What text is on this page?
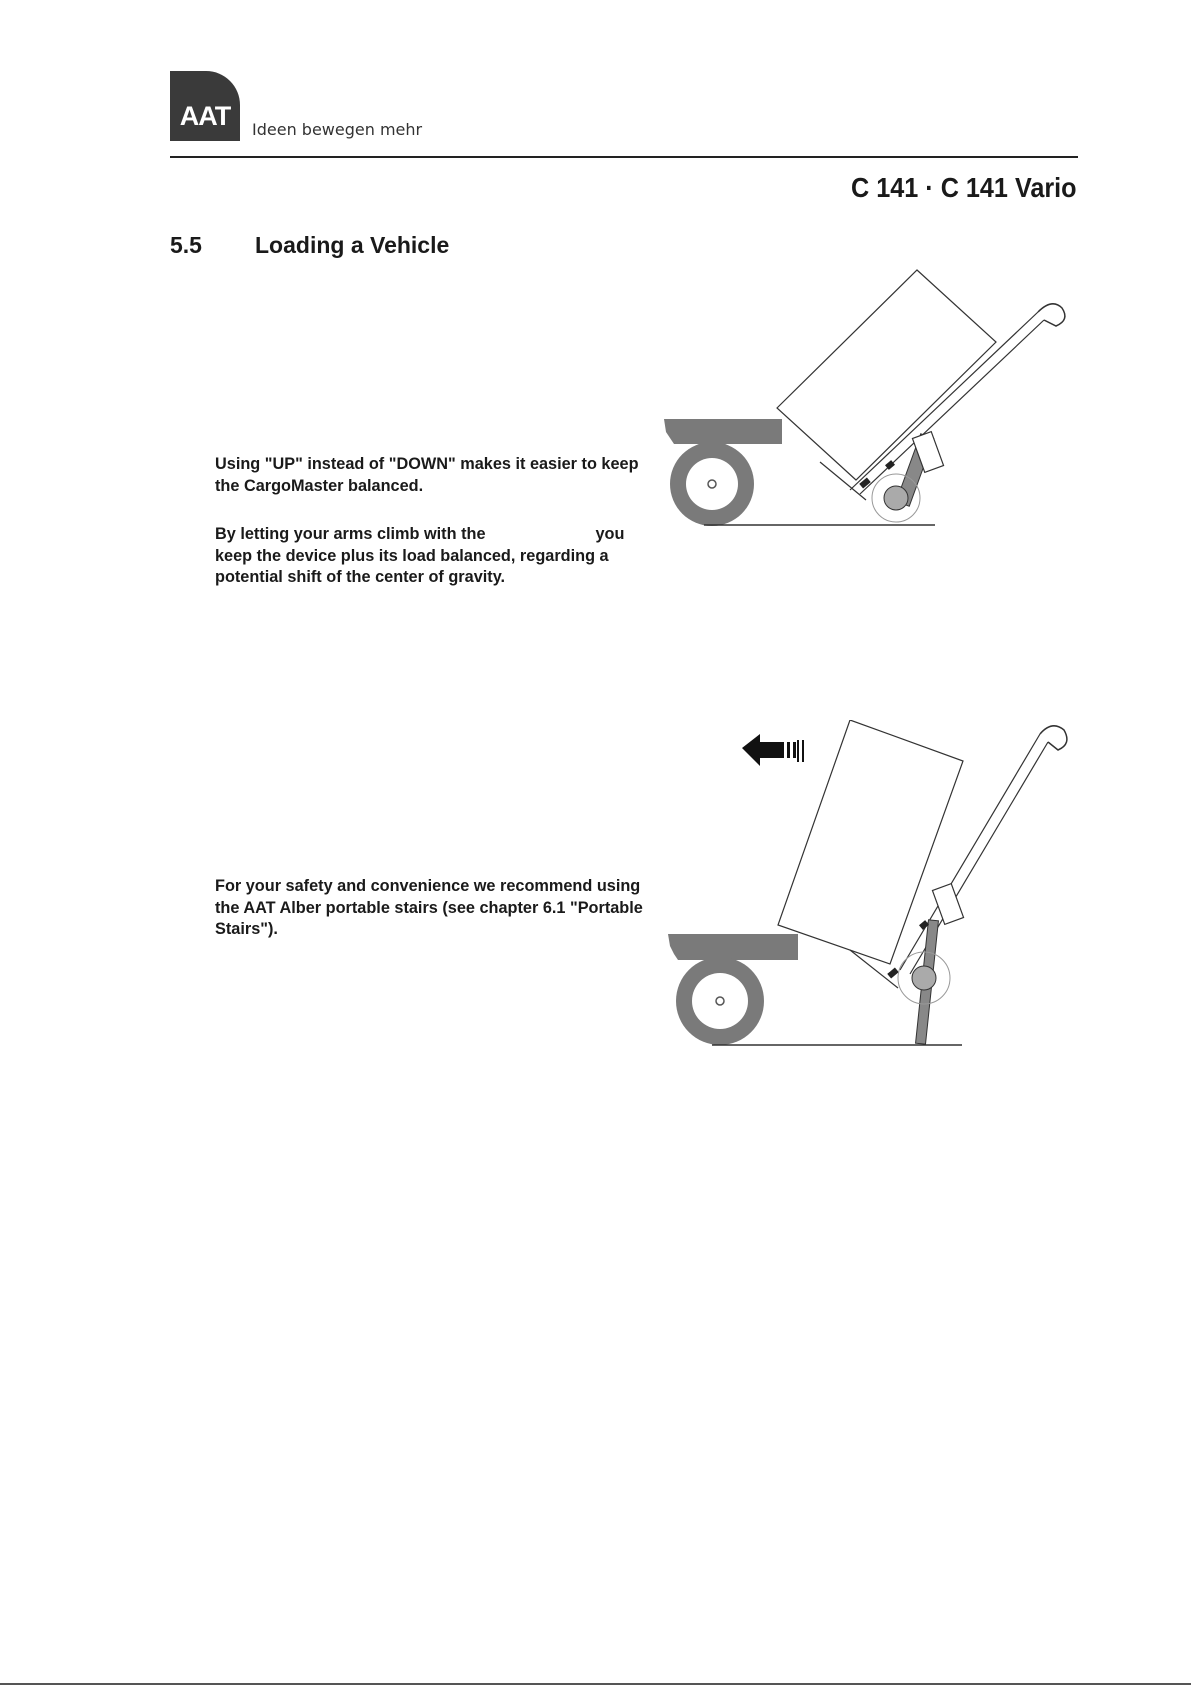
AAT	Ideen bewegen mehr
C 141 · C 141 Vario
5.5 Loading a Vehicle
Using "UP" instead of "DOWN" makes it easier to keep the CargoMaster balanced.
By letting your arms climb with the	you keep the device plus its load balanced, regarding a potential shift of the center of gravity.
For your safety and convenience we recommend using the AAT Alber portable stairs (see chapter 6.1 "Portable Stairs").
